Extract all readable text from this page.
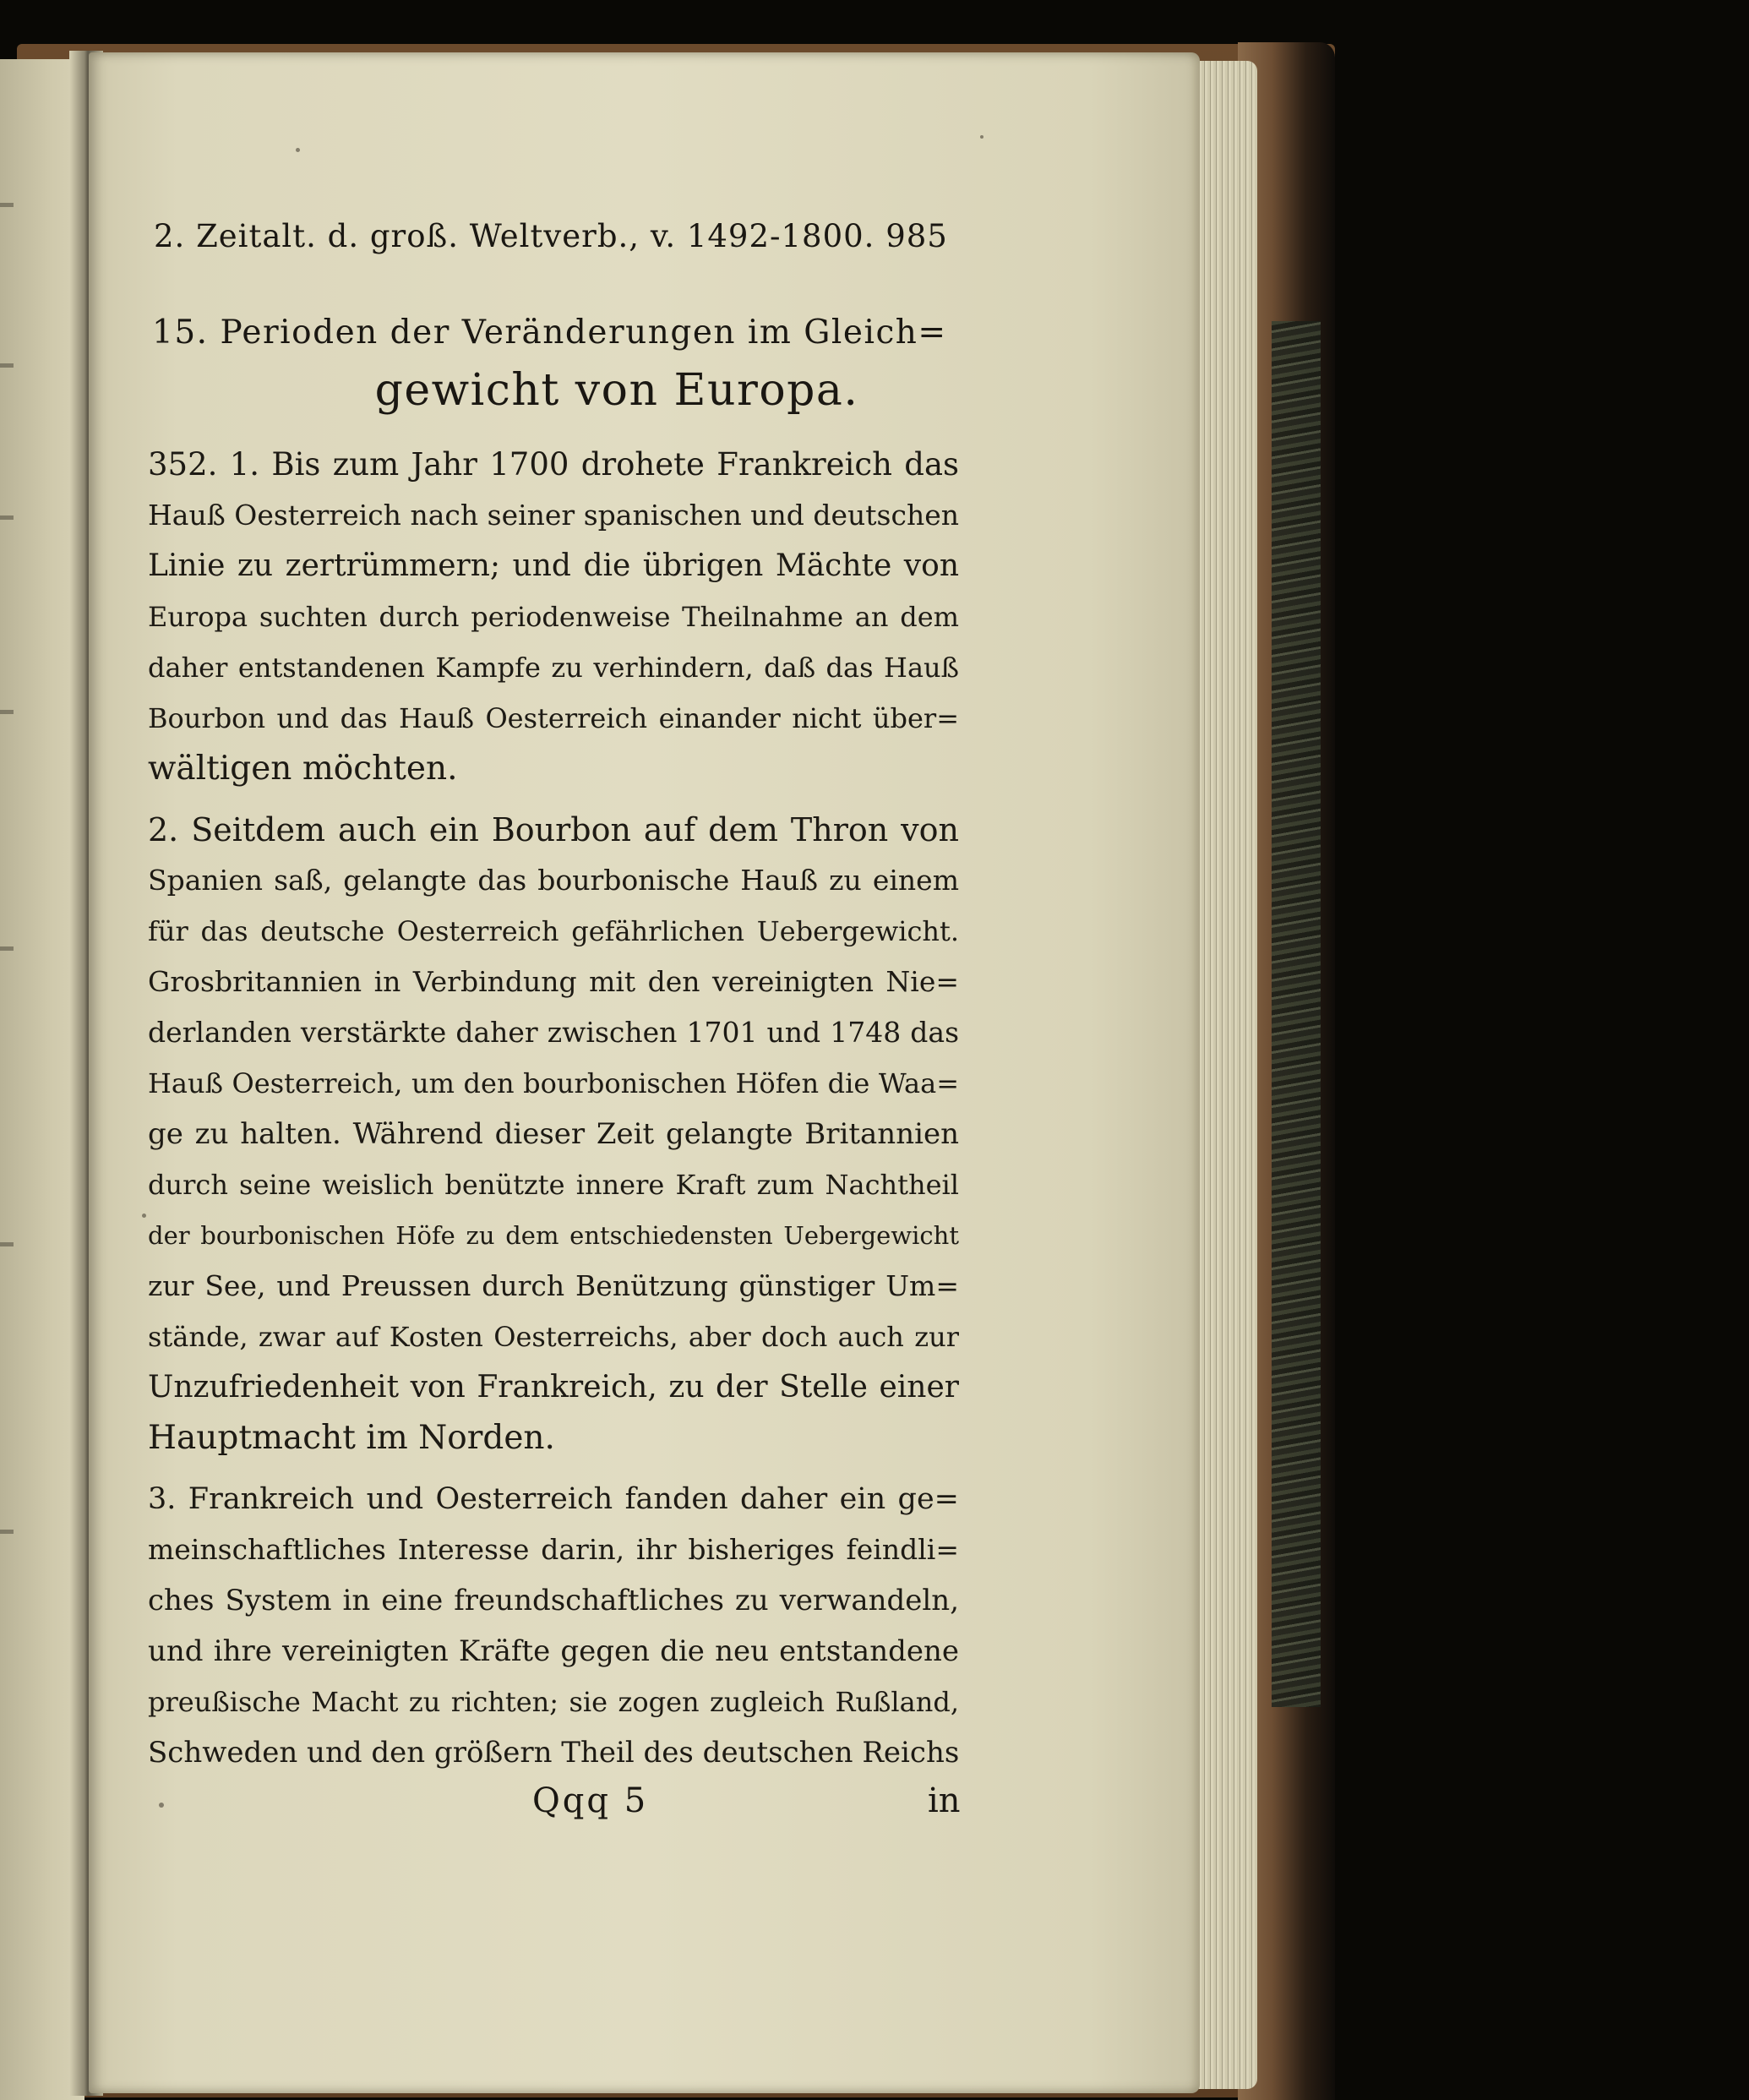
2. Zeitalt. d. groß. Weltverb., v. 1492-1800. 985
15. Perioden der Veränderungen im Gleich=
gewicht von Europa.
352. 1. Bis zum Jahr 1700 drohete Frankreich das
Hauß Oesterreich nach seiner spanischen und deutschen
Linie zu zertrümmern; und die übrigen Mächte von
Europa suchten durch periodenweise Theilnahme an dem
daher entstandenen Kampfe zu verhindern, daß das Hauß
Bourbon und das Hauß Oesterreich einander nicht über=
wältigen möchten.
2. Seitdem auch ein Bourbon auf dem Thron von
Spanien saß, gelangte das bourbonische Hauß zu einem
für das deutsche Oesterreich gefährlichen Uebergewicht.
Grosbritannien in Verbindung mit den vereinigten Nie=
derlanden verstärkte daher zwischen 1701 und 1748 das
Hauß Oesterreich, um den bourbonischen Höfen die Waa=
ge zu halten. Während dieser Zeit gelangte Britannien
durch seine weislich benützte innere Kraft zum Nachtheil
der bourbonischen Höfe zu dem entschiedensten Uebergewicht
zur See, und Preussen durch Benützung günstiger Um=
stände, zwar auf Kosten Oesterreichs, aber doch auch zur
Unzufriedenheit von Frankreich, zu der Stelle einer
Hauptmacht im Norden.
3. Frankreich und Oesterreich fanden daher ein ge=
meinschaftliches Interesse darin, ihr bisheriges feindli=
ches System in eine freundschaftliches zu verwandeln,
und ihre vereinigten Kräfte gegen die neu entstandene
preußische Macht zu richten; sie zogen zugleich Rußland,
Schweden und den größern Theil des deutschen Reichs
Qqq 5	in
